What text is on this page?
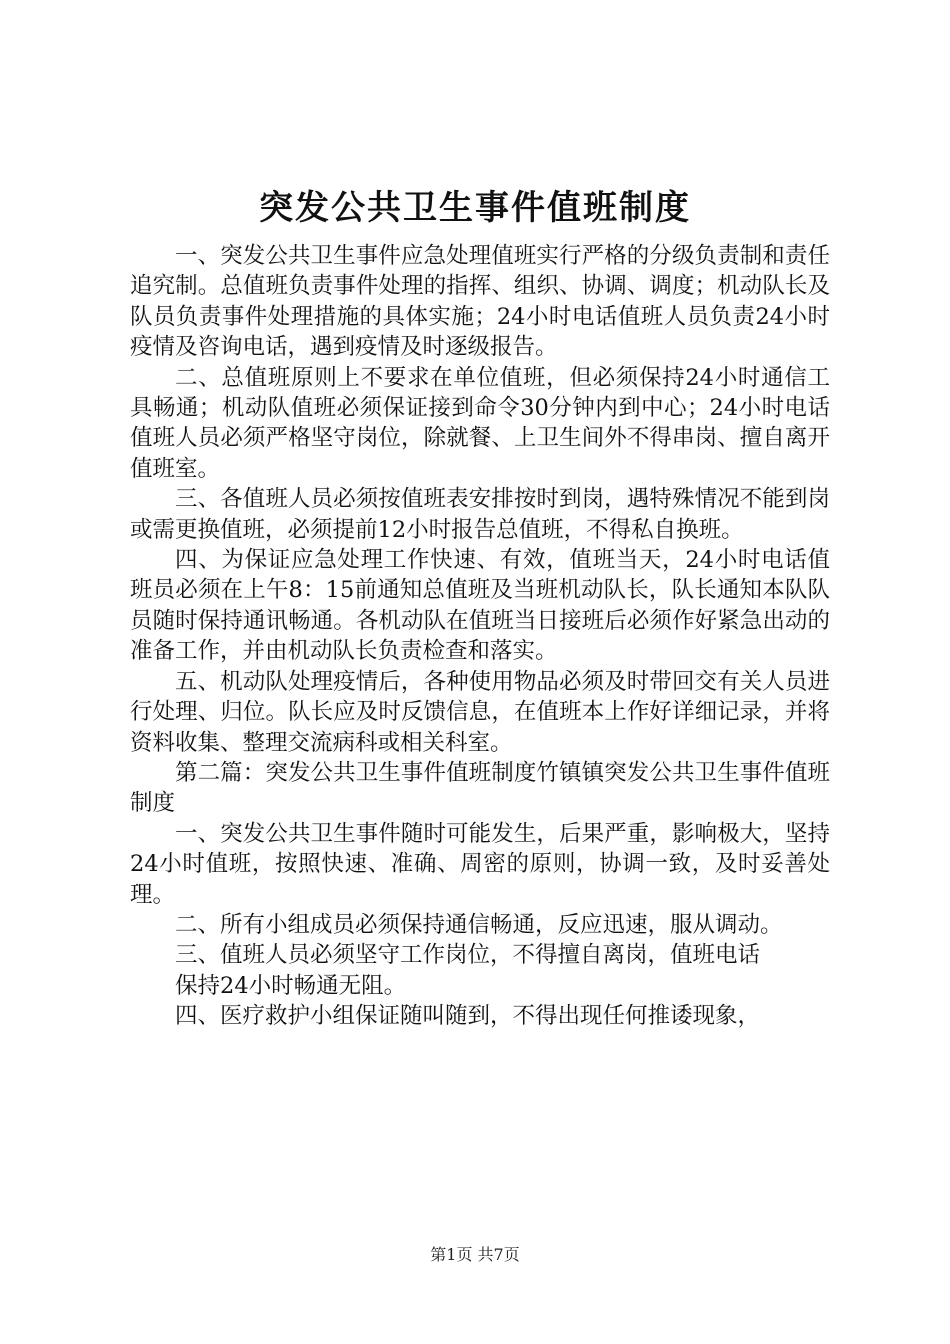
突发公共卫生事件值班制度

一、突发公共卫生事件应急处理值班实行严格的分级负责制和责任追究制。总值班负责事件处理的指挥、组织、协调、调度；机动队长及队员负责事件处理措施的具体实施；24小时电话值班人员负责24小时疫情及咨询电话，遇到疫情及时逐级报告。

二、总值班原则上不要求在单位值班，但必须保持24小时通信工具畅通；机动队值班必须保证接到命令30分钟内到中心；24小时电话值班人员必须严格坚守岗位，除就餐、上卫生间外不得串岗、擅自离开值班室。

三、各值班人员必须按值班表安排按时到岗，遇特殊情况不能到岗或需更换值班，必须提前12小时报告总值班，不得私自换班。

四、为保证应急处理工作快速、有效，值班当天，24小时电话值班员必须在上午8：15前通知总值班及当班机动队长，队长通知本队队员随时保持通讯畅通。各机动队在值班当日接班后必须作好紧急出动的准备工作，并由机动队长负责检查和落实。

五、机动队处理疫情后，各种使用物品必须及时带回交有关人员进行处理、归位。队长应及时反馈信息，在值班本上作好详细记录，并将资料收集、整理交流病科或相关科室。

第二篇：突发公共卫生事件值班制度竹镇镇突发公共卫生事件值班制度

一、突发公共卫生事件随时可能发生，后果严重，影响极大，坚持24小时值班，按照快速、准确、周密的原则，协调一致，及时妥善处理。

二、所有小组成员必须保持通信畅通，反应迅速，服从调动。

三、值班人员必须坚守工作岗位，不得擅自离岗，值班电话

保持24小时畅通无阻。

四、医疗救护小组保证随叫随到，不得出现任何推诿现象，

第1页 共7页
